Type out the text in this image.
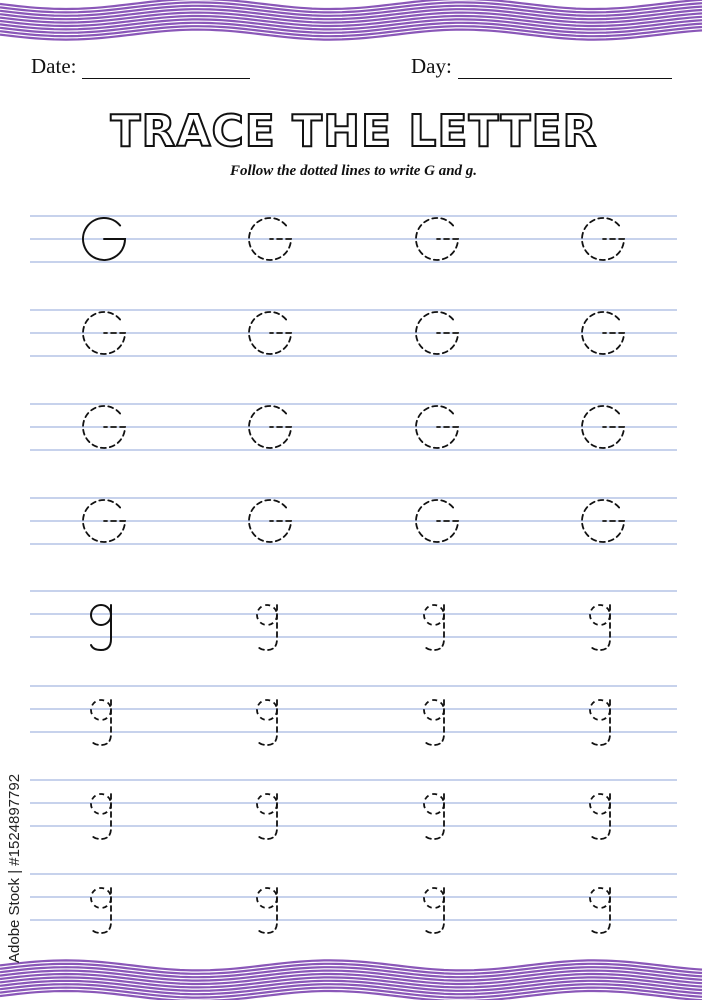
Date:	Day:
TRACE THE LETTER
Follow the dotted lines to write G and g.
Adobe Stock | #1524897792
